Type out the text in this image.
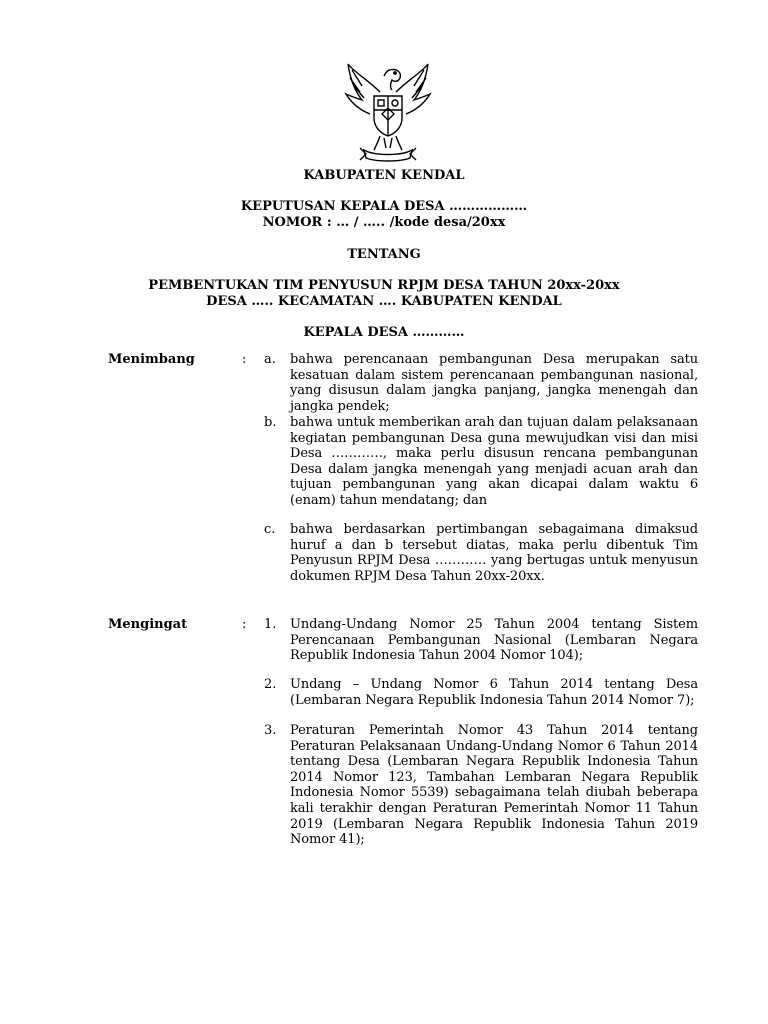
KABUPATEN KENDAL
KEPUTUSAN KEPALA DESA ………………
NOMOR : … / ….. /kode desa/20xx
TENTANG
PEMBENTUKAN TIM PENYUSUN RPJM DESA TAHUN 20xx-20xx
DESA ….. KECAMATAN …. KABUPATEN KENDAL
KEPALA DESA …………
Menimbang	: a. bahwa perencanaan pembangunan Desa merupakan satu kesatuan dalam sistem perencanaan pembangunan nasional, yang disusun dalam jangka panjang, jangka menengah dan jangka pendek;
b. bahwa untuk memberikan arah dan tujuan dalam pelaksanaan kegiatan pembangunan Desa guna mewujudkan visi dan misi Desa …………, maka perlu disusun rencana pembangunan Desa dalam jangka menengah yang menjadi acuan arah dan tujuan pembangunan yang akan dicapai dalam waktu 6 (enam) tahun mendatang; dan
c. bahwa berdasarkan pertimbangan sebagaimana dimaksud huruf a dan b tersebut diatas, maka perlu dibentuk Tim Penyusun RPJM Desa ………… yang bertugas untuk menyusun dokumen RPJM Desa Tahun 20xx-20xx.
Mengingat	: 1. Undang-Undang Nomor 25 Tahun 2004 tentang Sistem Perencanaan Pembangunan Nasional (Lembaran Negara Republik Indonesia Tahun 2004 Nomor 104);
2. Undang – Undang Nomor 6 Tahun 2014 tentang Desa (Lembaran Negara Republik Indonesia Tahun 2014 Nomor 7);
3. Peraturan Pemerintah Nomor 43 Tahun 2014 tentang Peraturan Pelaksanaan Undang-Undang Nomor 6 Tahun 2014 tentang Desa (Lembaran Negara Republik Indonesia Tahun 2014 Nomor 123, Tambahan Lembaran Negara Republik Indonesia Nomor 5539) sebagaimana telah diubah beberapa kali terakhir dengan Peraturan Pemerintah Nomor 11 Tahun 2019 (Lembaran Negara Republik Indonesia Tahun 2019 Nomor 41);
